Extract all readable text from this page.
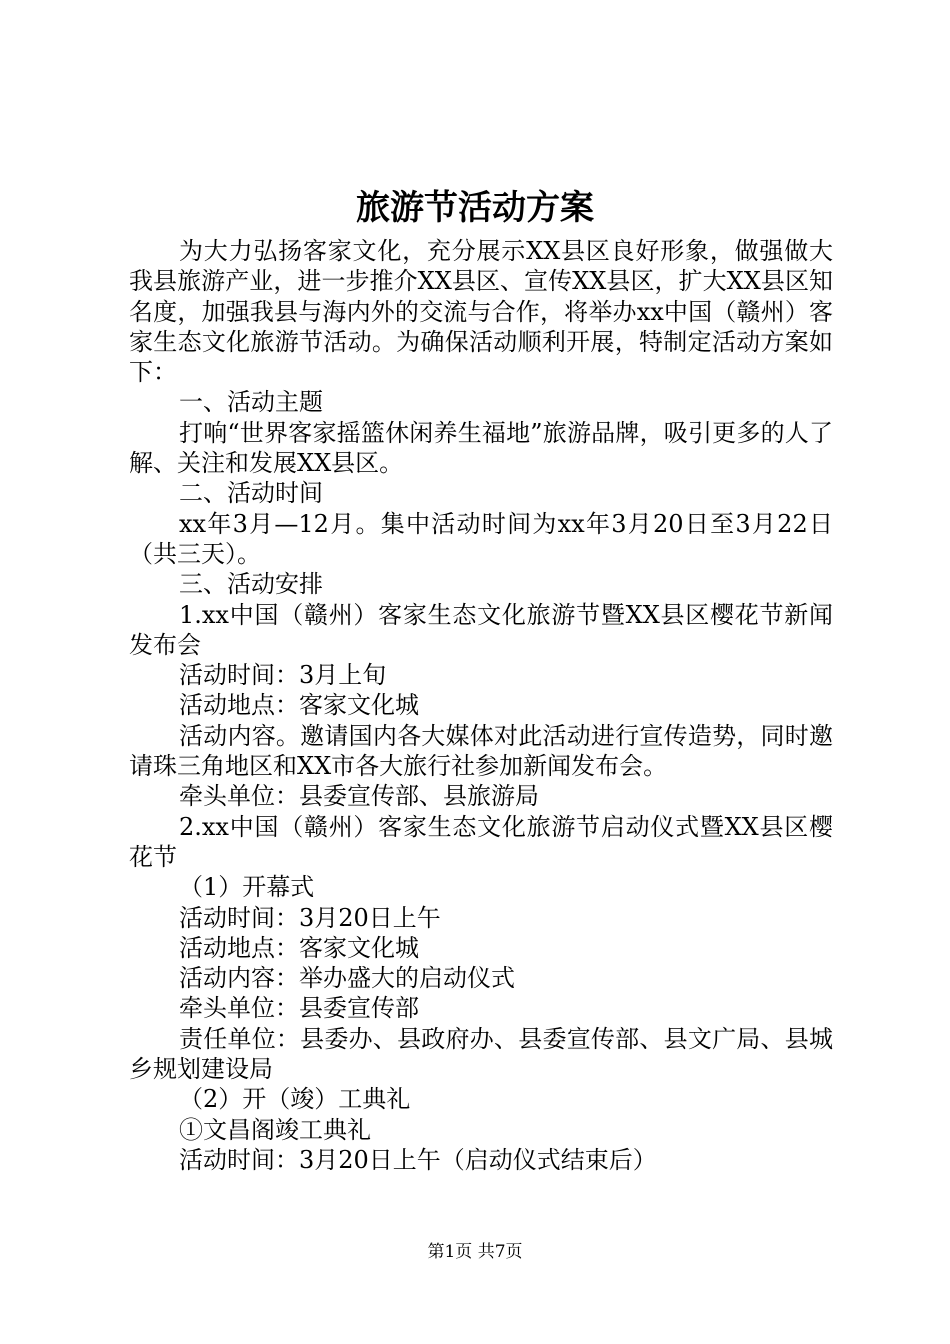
旅游节活动方案

为大力弘扬客家文化，充分展示XX县区良好形象，做强做大我县旅游产业，进一步推介XX县区、宣传XX县区，扩大XX县区知名度，加强我县与海内外的交流与合作，将举办xx中国（赣州）客家生态文化旅游节活动。为确保活动顺利开展，特制定活动方案如下：

一、活动主题

打响“世界客家摇篮休闲养生福地”旅游品牌，吸引更多的人了解、关注和发展XX县区。

二、活动时间

xx年3月—12月。集中活动时间为xx年3月20日至3月22日（共三天）。

三、活动安排

1.xx中国（赣州）客家生态文化旅游节暨XX县区樱花节新闻发布会

活动时间：3月上旬

活动地点：客家文化城

活动内容。邀请国内各大媒体对此活动进行宣传造势，同时邀请珠三角地区和XX市各大旅行社参加新闻发布会。

牵头单位：县委宣传部、县旅游局

2.xx中国（赣州）客家生态文化旅游节启动仪式暨XX县区樱花节

（1）开幕式

活动时间：3月20日上午

活动地点：客家文化城

活动内容：举办盛大的启动仪式

牵头单位：县委宣传部

责任单位：县委办、县政府办、县委宣传部、县文广局、县城乡规划建设局

（2）开（竣）工典礼

①文昌阁竣工典礼

活动时间：3月20日上午（启动仪式结束后）

第1页 共7页
